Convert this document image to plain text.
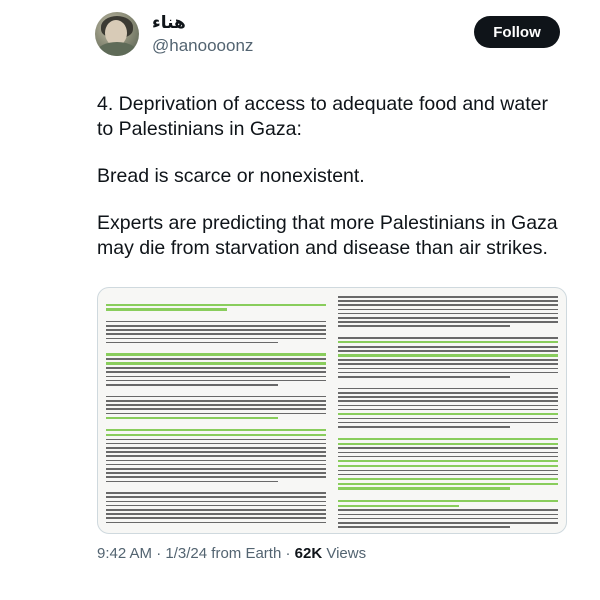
هناء
@hanoooonz
Follow

4. Deprivation of access to adequate food and water to Palestinians in Gaza:

Bread is scarce or nonexistent.

Experts are predicting that more Palestinians in Gaza may die from starvation and disease than air strikes.

9:42 AM · 1/3/24 from Earth · 62K Views
